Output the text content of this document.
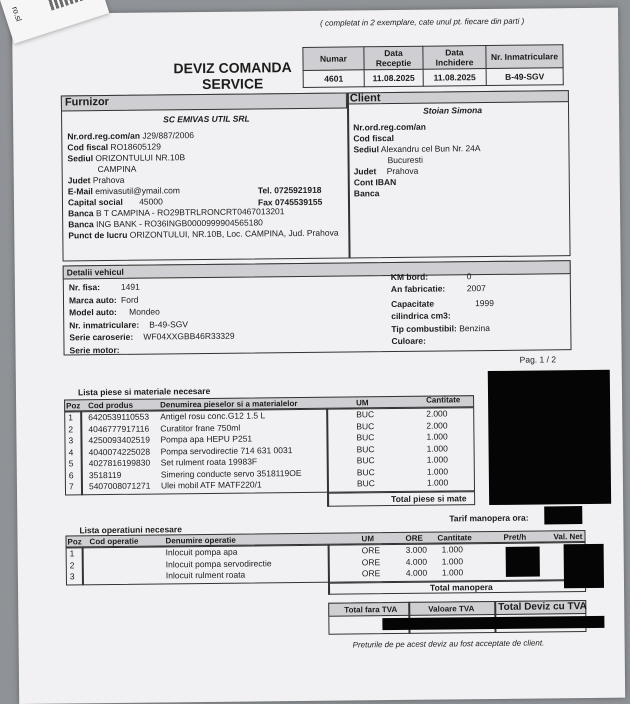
ro.sl	( completat in 2 exemplare, cate unul pt. fiecare din parti )
DEVIZ COMANDA
SERVICE
Numar	Data Receptie	Data Inchidere	Nr. Inmatriculare
4601	11.08.2025	11.08.2025	B-49-SGV
Furnizor	Client
SC EMIVAS UTIL SRL
Nr.ord.reg.com/an J29/887/2006
Cod fiscal RO18605129
Sediul ORIZONTULUI NR.10B
CAMPINA
Judet Prahova
E-Mail emivasutil@ymail.com
Capital social 45000
Banca B T CAMPINA - RO29BTRLRONCRT0467013201
Banca ING BANK - RO36INGB0000999904565180
Punct de lucru ORIZONTULUI, NR.10B, Loc. CAMPINA, Jud. Prahova
Tel. 0725921918
Fax 0745539155
Stoian Simona
Nr.ord.reg.com/an
Cod fiscal
Sediul Alexandru cel Bun Nr. 24A
Bucuresti
Judet Prahova
Cont IBAN
Banca
Detalii vehicul
Nr. fisa: 1491
Marca auto: Ford
Model auto: Mondeo
Nr. inmatriculare: B-49-SGV
Serie caroserie: WF04XXGBB46R33329
Serie motor:
KM bord:	0
An fabricatie:	2007
Capacitate	1999
cilindrica cm3:
Tip combustibil: Benzina
Culoare:
Pag. 1 / 2
Lista piese si materiale necesare
Poz Cod produs	Denumirea pieselor si a materialelor	UM	Cantitate
1 6420539110553 Antigel rosu conc.G12 1.5 L	BUC	2.000
2 4046777917116 Curatitor frane 750ml	BUC	2.000
3 4250093402519 Pompa apa HEPU P251	BUC	1.000
4 4040074225028 Pompa servodirectie 714 631 0031	BUC	1.000
5 4027816199830 Set rulment roata 19983F	BUC	1.000
6 3518119	Simering conducte servo 3518119OE	BUC	1.000
7 5407008071271 Ulei mobil ATF MATF220/1	BUC	1.000
Total piese si mate
Tarif manopera ora:
Lista operatiuni necesare
Poz Cod operatie	Denumire operatie	UM	ORE Cantitate	Pret/h	Val. Net
1	Inlocuit pompa apa	ORE	3.000 1.000
2	Inlocuit pompa servodirectie	ORE	4.000 1.000
3	Inlocuit rulment roata	ORE	4.000 1.000
Total manopera
Total fara TVA	Valoare TVA Total Deviz cu TVA
Preturile de pe acest deviz au fost acceptate de client.
